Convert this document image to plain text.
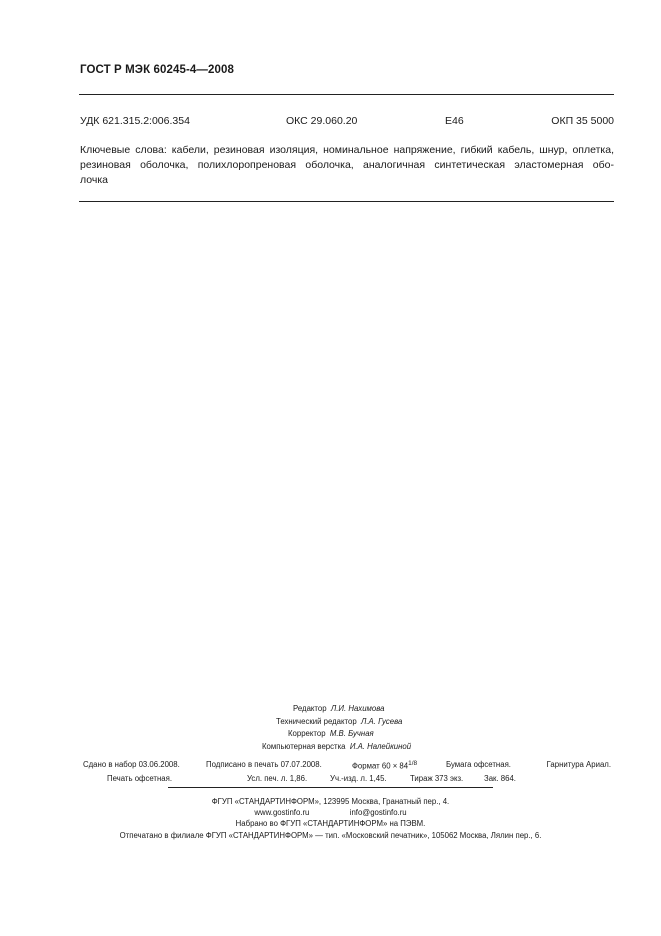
ГОСТ Р МЭК 60245-4—2008
УДК 621.315.2:006.354	ОКС 29.060.20	Е46	ОКП 35 5000
Ключевые слова: кабели, резиновая изоляция, номинальное напряжение, гибкий кабель, шнур, оплетка,
резиновая оболочка, полихлоропреновая оболочка, аналогичная синтетическая эластомерная обо-
лочка
Редактор Л.И. Нахимова
Технический редактор Л.А. Гусева
Корректор М.В. Бучная
Компьютерная верстка И.А. Налейкиной
Сдано в набор 03.06.2008.	Подписано в печать 07.07.2008.	Формат $60 \times 84^{1/8}$	Бумага офсетная.	Гарнитура Ариал.
Печать офсетная.	Усл. печ. л. 1,86.	Уч.-изд. л. 1,45.	Тираж 373 экз.	Зак. 864.
ФГУП «СТАНДАРТИНФОРМ», 123995 Москва, Гранатный пер., 4.
www.gostinfo.ru	info@gostinfo.ru
Набрано во ФГУП «СТАНДАРТИНФОРМ» на ПЭВМ.
Отпечатано в филиале ФГУП «СТАНДАРТИНФОРМ» — тип. «Московский печатник», 105062 Москва, Лялин пер., 6.
